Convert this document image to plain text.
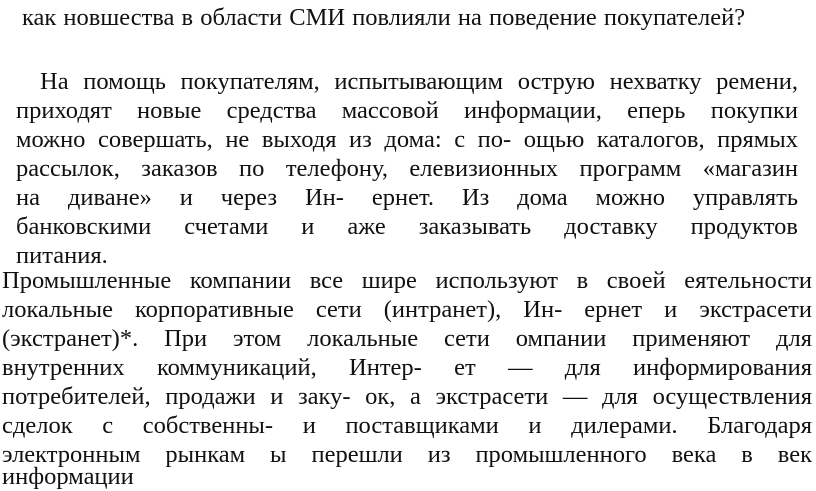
как новшества в области СМИ повлияли на поведение покупателей?
На помощь покупателям, испытывающим острую нехватку ремени,
приходят новые средства массовой информации, еперь покупки
можно совершать, не выходя из дома: с по- ощью каталогов, прямых
рассылок, заказов по телефону, елевизионных программ «магазин
на диване» и через Ин- ернет. Из дома можно управлять
банковскими счетами и аже заказывать доставку продуктов
питания.
Промышленные компании все шире используют в своей еятельности
локальные корпоративные сети (интранет), Ин- ернет и экстрасети
(экстранет)*. При этом локальные сети омпании применяют для
внутренних коммуникаций, Интер- ет — для информирования
потребителей, продажи и заку- ок, а экстрасети — для осуществления
сделок с собственны- и поставщиками и дилерами. Благодаря
электронным рынкам ы перешли из промышленного века в век
информации
